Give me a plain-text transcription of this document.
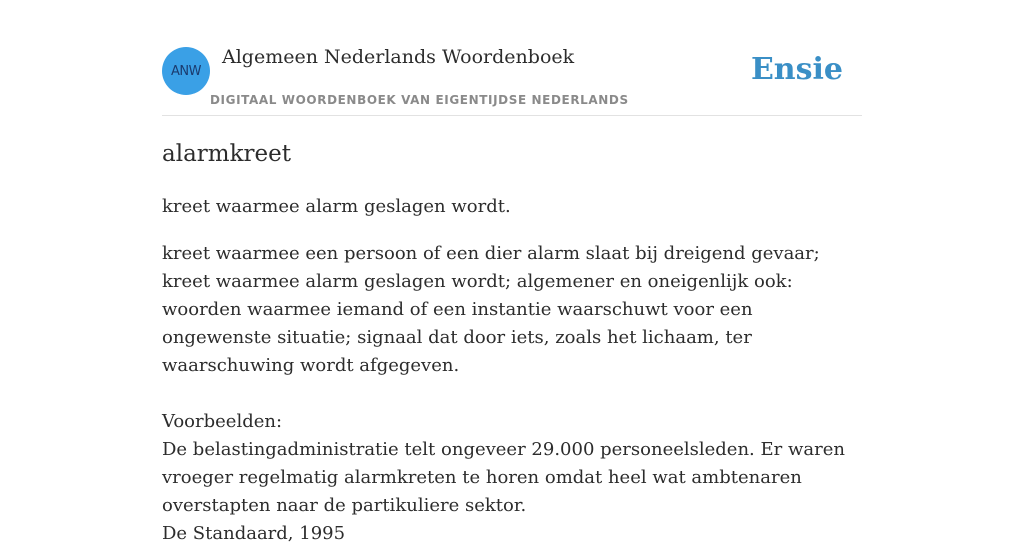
ANW
Algemeen Nederlands Woordenboek
DIGITAAL WOORDENBOEK VAN EIGENTIJDSE NEDERLANDS
Ensie
alarmkreet

kreet waarmee alarm geslagen wordt.

kreet waarmee een persoon of een dier alarm slaat bij dreigend gevaar; kreet waarmee alarm geslagen wordt; algemener en oneigenlijk ook: woorden waarmee iemand of een instantie waarschuwt voor een ongewenste situatie; signaal dat door iets, zoals het lichaam, ter waarschuwing wordt afgegeven.

Voorbeelden:
De belastingadministratie telt ongeveer 29.000 personeelsleden. Er waren vroeger regelmatig alarmkreten te horen omdat heel wat ambtenaren overstapten naar de partikuliere sektor.
De Standaard, 1995
